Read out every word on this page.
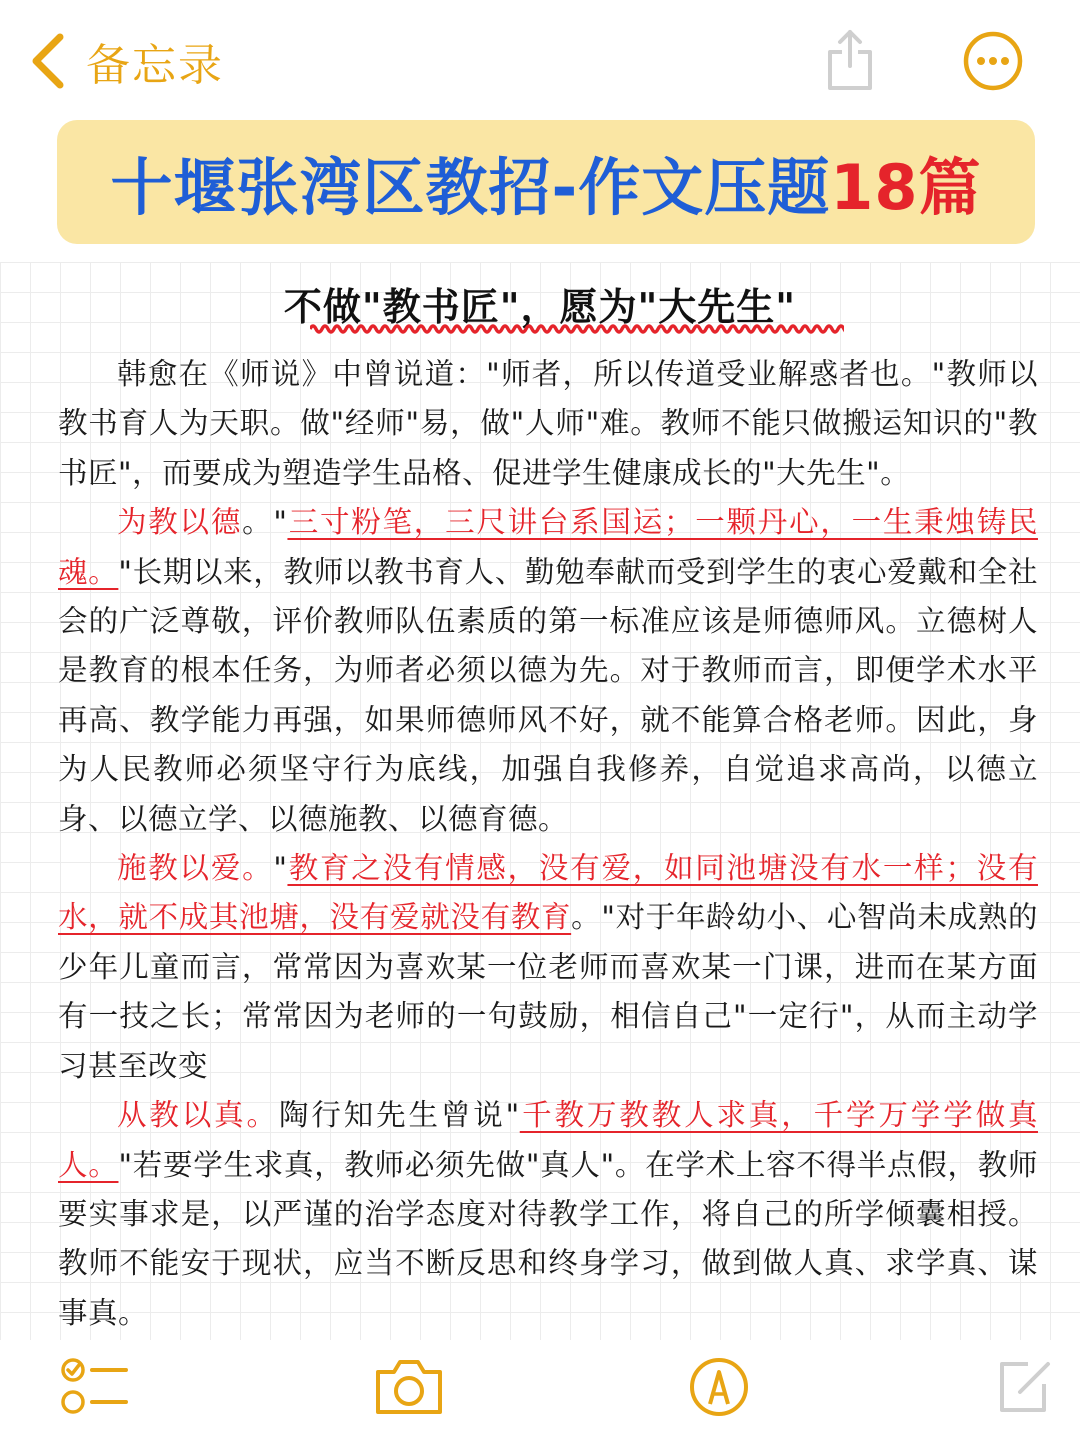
备忘录
十堰张湾区教招-作文压题18篇
不做"教书匠"，愿为"大先生"

韩愈在《师说》中曾说道："师者，所以传道受业解惑者也。"教师以教书育人为天职。做"经师"易，做"人师"难。教师不能只做搬运知识的"教书匠"，而要成为塑造学生品格、促进学生健康成长的"大先生"。

为教以德。"三寸粉笔，三尺讲台系国运；一颗丹心，一生秉烛铸民魂。"长期以来，教师以教书育人、勤勉奉献而受到学生的衷心爱戴和全社会的广泛尊敬，评价教师队伍素质的第一标准应该是师德师风。立德树人是教育的根本任务，为师者必须以德为先。对于教师而言，即便学术水平再高、教学能力再强，如果师德师风不好，就不能算合格老师。因此，身为人民教师必须坚守行为底线，加强自我修养，自觉追求高尚，以德立身、以德立学、以德施教、以德育德。

施教以爱。"教育之没有情感，没有爱，如同池塘没有水一样；没有水，就不成其池塘，没有爱就没有教育。"对于年龄幼小、心智尚未成熟的少年儿童而言，常常因为喜欢某一位老师而喜欢某一门课，进而在某方面有一技之长；常常因为老师的一句鼓励，相信自己"一定行"，从而主动学习甚至改变

从教以真。陶行知先生曾说"千教万教教人求真，千学万学学做真人。"若要学生求真，教师必须先做"真人"。在学术上容不得半点假，教师要实事求是，以严谨的治学态度对待教学工作，将自己的所学倾囊相授。教师不能安于现状，应当不断反思和终身学习，做到做人真、求学真、谋事真。
